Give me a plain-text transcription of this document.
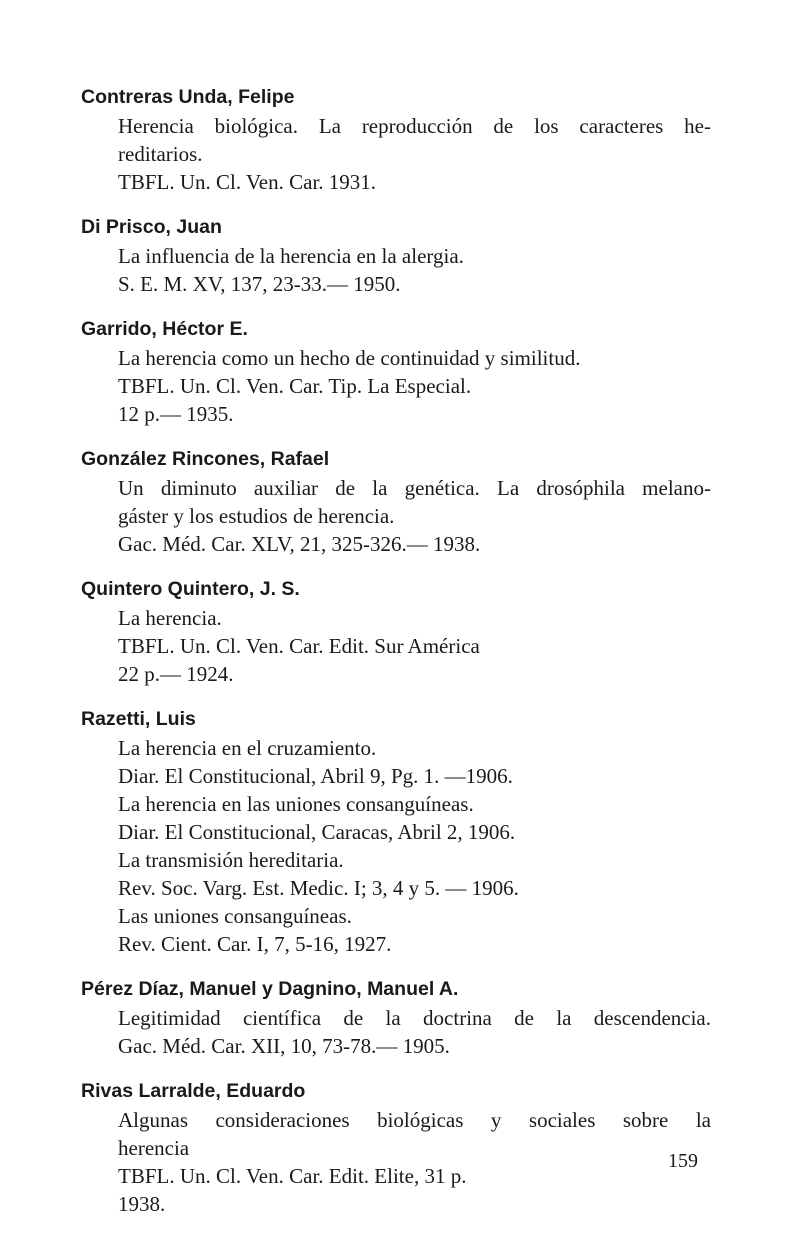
Contreras Unda, Felipe

Herencia biológica. La reproducción de los caracteres he-

reditarios.

TBFL. Un. Cl. Ven. Car. 1931.

Di Prisco, Juan

La influencia de la herencia en la alergia.

S. E. M. XV, 137, 23-33.— 1950.

Garrido, Héctor E.

La herencia como un hecho de continuidad y similitud.

TBFL. Un. Cl. Ven. Car. Tip. La Especial.

12 p.— 1935.

González Rincones, Rafael

Un diminuto auxiliar de la genética. La drosóphila melano-

gáster y los estudios de herencia.

Gac. Méd. Car. XLV, 21, 325-326.— 1938.

Quintero Quintero, J. S.

La herencia.

TBFL. Un. Cl. Ven. Car. Edit. Sur América

22 p.— 1924.

Razetti, Luis

La herencia en el cruzamiento.

Diar. El Constitucional, Abril 9, Pg. 1. —1906.

La herencia en las uniones consanguíneas.

Diar. El Constitucional, Caracas, Abril 2, 1906.

La transmisión hereditaria.

Rev. Soc. Varg. Est. Medic. I; 3, 4 y 5. — 1906.

Las uniones consanguíneas.

Rev. Cient. Car. I, 7, 5-16, 1927.

Pérez Díaz, Manuel y Dagnino, Manuel A.

Legitimidad científica de la doctrina de la descendencia.

Gac. Méd. Car. XII, 10, 73-78.— 1905.

Rivas Larralde, Eduardo

Algunas consideraciones biológicas y sociales sobre la

herencia

TBFL. Un. Cl. Ven. Car. Edit. Elite, 31 p.

1938.

159
